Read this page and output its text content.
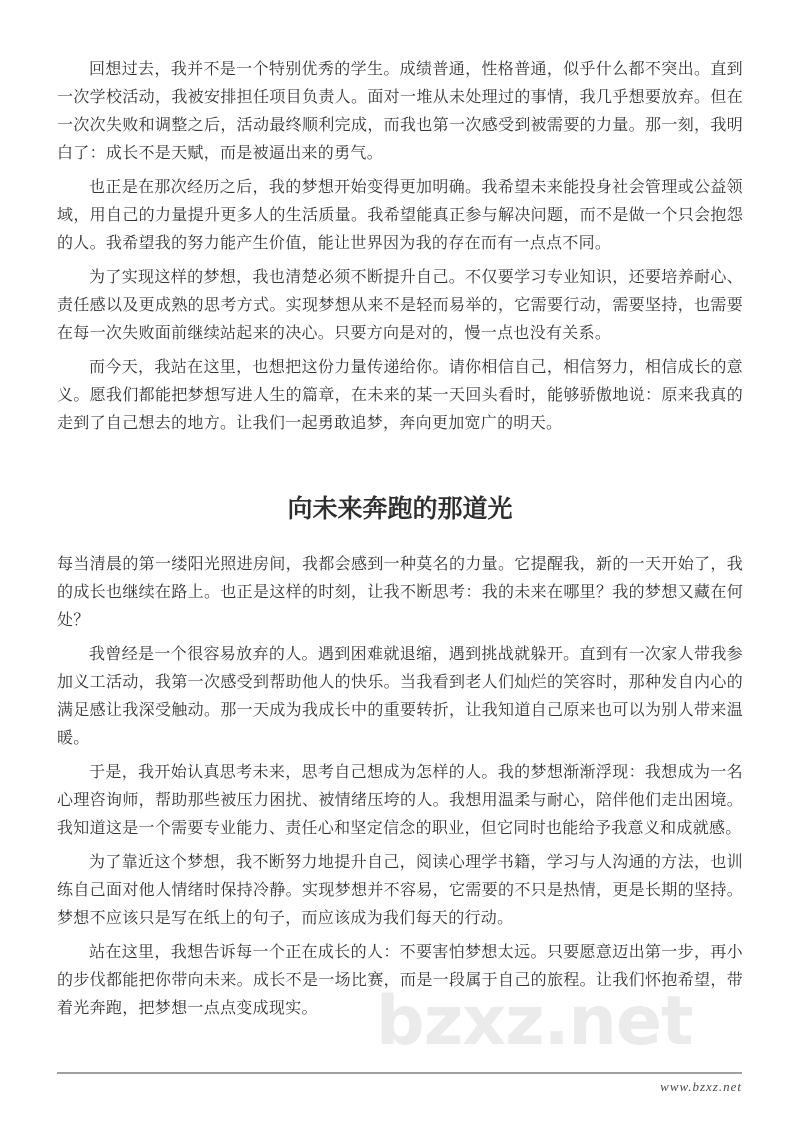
bzxz.net

回想过去，我并不是一个特别优秀的学生。成绩普通，性格普通，似乎什么都不突出。直到一次学校活动，我被安排担任项目负责人。面对一堆从未处理过的事情，我几乎想要放弃。但在一次次失败和调整之后，活动最终顺利完成，而我也第一次感受到被需要的力量。那一刻，我明白了：成长不是天赋，而是被逼出来的勇气。

也正是在那次经历之后，我的梦想开始变得更加明确。我希望未来能投身社会管理或公益领域，用自己的力量提升更多人的生活质量。我希望能真正参与解决问题，而不是做一个只会抱怨的人。我希望我的努力能产生价值，能让世界因为我的存在而有一点点不同。

为了实现这样的梦想，我也清楚必须不断提升自己。不仅要学习专业知识，还要培养耐心、责任感以及更成熟的思考方式。实现梦想从来不是轻而易举的，它需要行动，需要坚持，也需要在每一次失败面前继续站起来的决心。只要方向是对的，慢一点也没有关系。

而今天，我站在这里，也想把这份力量传递给你。请你相信自己，相信努力，相信成长的意义。愿我们都能把梦想写进人生的篇章，在未来的某一天回头看时，能够骄傲地说：原来我真的走到了自己想去的地方。让我们一起勇敢追梦，奔向更加宽广的明天。

向未来奔跑的那道光

每当清晨的第一缕阳光照进房间，我都会感到一种莫名的力量。它提醒我，新的一天开始了，我的成长也继续在路上。也正是这样的时刻，让我不断思考：我的未来在哪里？我的梦想又藏在何处？

我曾经是一个很容易放弃的人。遇到困难就退缩，遇到挑战就躲开。直到有一次家人带我参加义工活动，我第一次感受到帮助他人的快乐。当我看到老人们灿烂的笑容时，那种发自内心的满足感让我深受触动。那一天成为我成长中的重要转折，让我知道自己原来也可以为别人带来温暖。

于是，我开始认真思考未来，思考自己想成为怎样的人。我的梦想渐渐浮现：我想成为一名心理咨询师，帮助那些被压力困扰、被情绪压垮的人。我想用温柔与耐心，陪伴他们走出困境。我知道这是一个需要专业能力、责任心和坚定信念的职业，但它同时也能给予我意义和成就感。

为了靠近这个梦想，我不断努力地提升自己，阅读心理学书籍，学习与人沟通的方法，也训练自己面对他人情绪时保持冷静。实现梦想并不容易，它需要的不只是热情，更是长期的坚持。梦想不应该只是写在纸上的句子，而应该成为我们每天的行动。

站在这里，我想告诉每一个正在成长的人：不要害怕梦想太远。只要愿意迈出第一步，再小的步伐都能把你带向未来。成长不是一场比赛，而是一段属于自己的旅程。让我们怀抱希望，带着光奔跑，把梦想一点点变成现实。

www.bzxz.net
